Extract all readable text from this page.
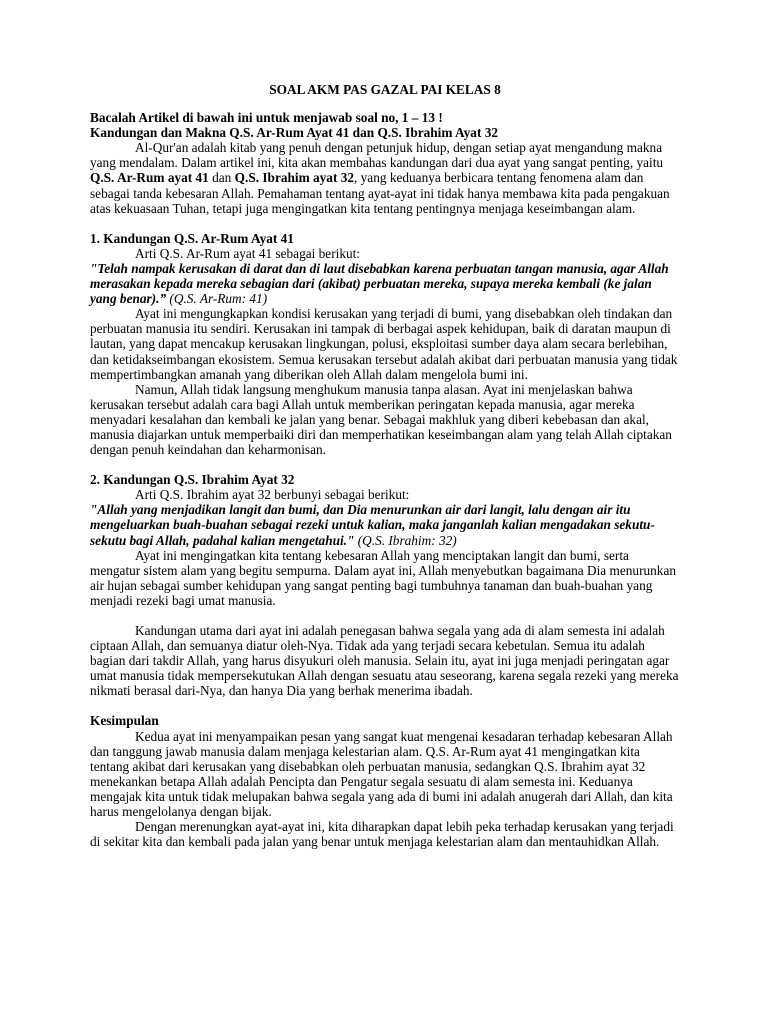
SOAL AKM PAS GAZAL PAI KELAS 8

Bacalah Artikel di bawah ini untuk menjawab soal no, 1 – 13 !

Kandungan dan Makna Q.S. Ar-Rum Ayat 41 dan Q.S. Ibrahim Ayat 32

Al-Qur'an adalah kitab yang penuh dengan petunjuk hidup, dengan setiap ayat mengandung makna yang mendalam. Dalam artikel ini, kita akan membahas kandungan dari dua ayat yang sangat penting, yaitu Q.S. Ar-Rum ayat 41 dan Q.S. Ibrahim ayat 32, yang keduanya berbicara tentang fenomena alam dan sebagai tanda kebesaran Allah. Pemahaman tentang ayat-ayat ini tidak hanya membawa kita pada pengakuan atas kekuasaan Tuhan, tetapi juga mengingatkan kita tentang pentingnya menjaga keseimbangan alam.

1. Kandungan Q.S. Ar-Rum Ayat 41

Arti Q.S. Ar-Rum ayat 41 sebagai berikut:

"Telah nampak kerusakan di darat dan di laut disebabkan karena perbuatan tangan manusia, agar Allah merasakan kepada mereka sebagian dari (akibat) perbuatan mereka, supaya mereka kembali (ke jalan yang benar).” (Q.S. Ar-Rum: 41)

Ayat ini mengungkapkan kondisi kerusakan yang terjadi di bumi, yang disebabkan oleh tindakan dan perbuatan manusia itu sendiri. Kerusakan ini tampak di berbagai aspek kehidupan, baik di daratan maupun di lautan, yang dapat mencakup kerusakan lingkungan, polusi, eksploitasi sumber daya alam secara berlebihan, dan ketidakseimbangan ekosistem. Semua kerusakan tersebut adalah akibat dari perbuatan manusia yang tidak mempertimbangkan amanah yang diberikan oleh Allah dalam mengelola bumi ini.

Namun, Allah tidak langsung menghukum manusia tanpa alasan. Ayat ini menjelaskan bahwa kerusakan tersebut adalah cara bagi Allah untuk memberikan peringatan kepada manusia, agar mereka menyadari kesalahan dan kembali ke jalan yang benar. Sebagai makhluk yang diberi kebebasan dan akal, manusia diajarkan untuk memperbaiki diri dan memperhatikan keseimbangan alam yang telah Allah ciptakan dengan penuh keindahan dan keharmonisan.

2. Kandungan Q.S. Ibrahim Ayat 32

Arti Q.S. Ibrahim ayat 32 berbunyi sebagai berikut:

"Allah yang menjadikan langit dan bumi, dan Dia menurunkan air dari langit, lalu dengan air itu mengeluarkan buah-buahan sebagai rezeki untuk kalian, maka janganlah kalian mengadakan sekutu-sekutu bagi Allah, padahal kalian mengetahui." (Q.S. Ibrahim: 32)

Ayat ini mengingatkan kita tentang kebesaran Allah yang menciptakan langit dan bumi, serta mengatur sistem alam yang begitu sempurna. Dalam ayat ini, Allah menyebutkan bagaimana Dia menurunkan air hujan sebagai sumber kehidupan yang sangat penting bagi tumbuhnya tanaman dan buah-buahan yang menjadi rezeki bagi umat manusia.

Kandungan utama dari ayat ini adalah penegasan bahwa segala yang ada di alam semesta ini adalah ciptaan Allah, dan semuanya diatur oleh-Nya. Tidak ada yang terjadi secara kebetulan. Semua itu adalah bagian dari takdir Allah, yang harus disyukuri oleh manusia. Selain itu, ayat ini juga menjadi peringatan agar umat manusia tidak mempersekutukan Allah dengan sesuatu atau seseorang, karena segala rezeki yang mereka nikmati berasal dari-Nya, dan hanya Dia yang berhak menerima ibadah.

Kesimpulan

Kedua ayat ini menyampaikan pesan yang sangat kuat mengenai kesadaran terhadap kebesaran Allah dan tanggung jawab manusia dalam menjaga kelestarian alam. Q.S. Ar-Rum ayat 41 mengingatkan kita tentang akibat dari kerusakan yang disebabkan oleh perbuatan manusia, sedangkan Q.S. Ibrahim ayat 32 menekankan betapa Allah adalah Pencipta dan Pengatur segala sesuatu di alam semesta ini. Keduanya mengajak kita untuk tidak melupakan bahwa segala yang ada di bumi ini adalah anugerah dari Allah, dan kita harus mengelolanya dengan bijak.

Dengan merenungkan ayat-ayat ini, kita diharapkan dapat lebih peka terhadap kerusakan yang terjadi di sekitar kita dan kembali pada jalan yang benar untuk menjaga kelestarian alam dan mentauhidkan Allah.
